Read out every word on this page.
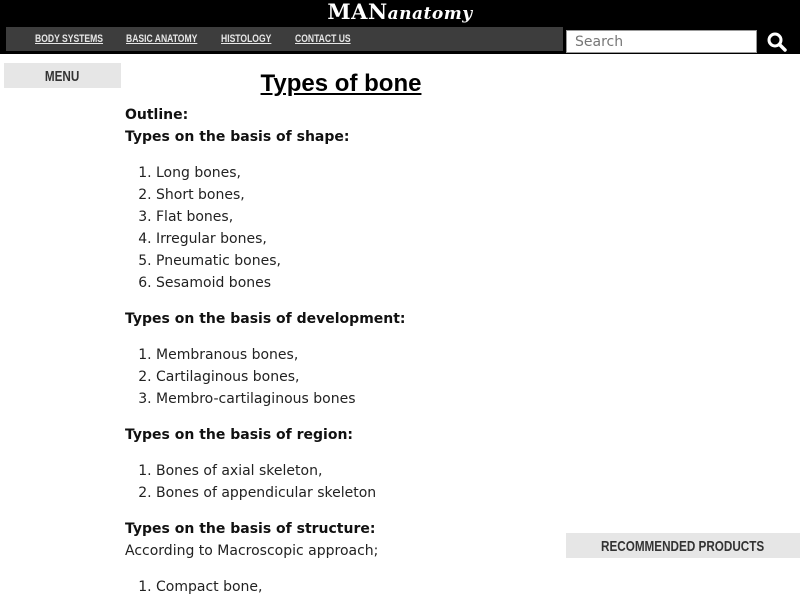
MANanatomy
BODY SYSTEMS BASIC ANATOMY HISTOLOGY CONTACT US
Search
MENU	Types of bone
Outline:
Types on the basis of shape:
1. Long bones,
2. Short bones,
3. Flat bones,
4. Irregular bones,
5. Pneumatic bones,
6. Sesamoid bones
Types on the basis of development:
1. Membranous bones,
2. Cartilaginous bones,
3. Membro-cartilaginous bones
Types on the basis of region:
1. Bones of axial skeleton,
2. Bones of appendicular skeleton
Types on the basis of structure:

According to Macroscopic approach;

1. Compact bone,
RECOMMENDED PRODUCTS
